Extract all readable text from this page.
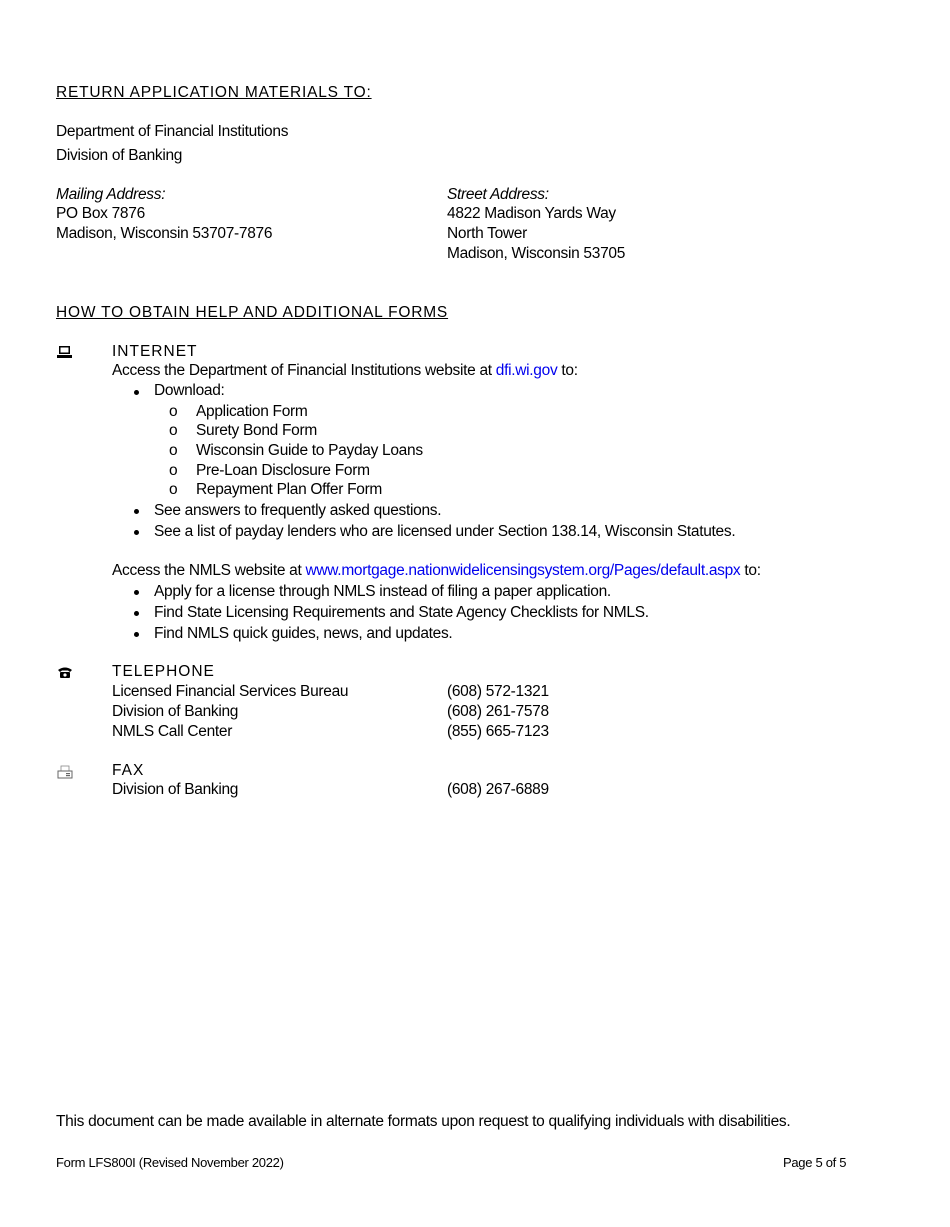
RETURN APPLICATION MATERIALS TO:
Department of Financial Institutions
Division of Banking
Mailing Address:
PO Box 7876
Madison, Wisconsin 53707-7876
Street Address:
4822 Madison Yards Way
North Tower
Madison, Wisconsin 53705
HOW TO OBTAIN HELP AND ADDITIONAL FORMS
INTERNET
Access the Department of Financial Institutions website at dfi.wi.gov to:
Download:
o Application Form
o Surety Bond Form
o Wisconsin Guide to Payday Loans
o Pre-Loan Disclosure Form
o Repayment Plan Offer Form
See answers to frequently asked questions.
See a list of payday lenders who are licensed under Section 138.14, Wisconsin Statutes.
Access the NMLS website at www.mortgage.nationwidelicensingsystem.org/Pages/default.aspx to:
Apply for a license through NMLS instead of filing a paper application.
Find State Licensing Requirements and State Agency Checklists for NMLS.
Find NMLS quick guides, news, and updates.
TELEPHONE
Licensed Financial Services Bureau	(608) 572-1321
Division of Banking	(608) 261-7578
NMLS Call Center	(855) 665-7123
FAX
Division of Banking	(608) 267-6889
This document can be made available in alternate formats upon request to qualifying individuals with disabilities.
Form LFS800I (Revised November 2022)	Page 5 of 5
